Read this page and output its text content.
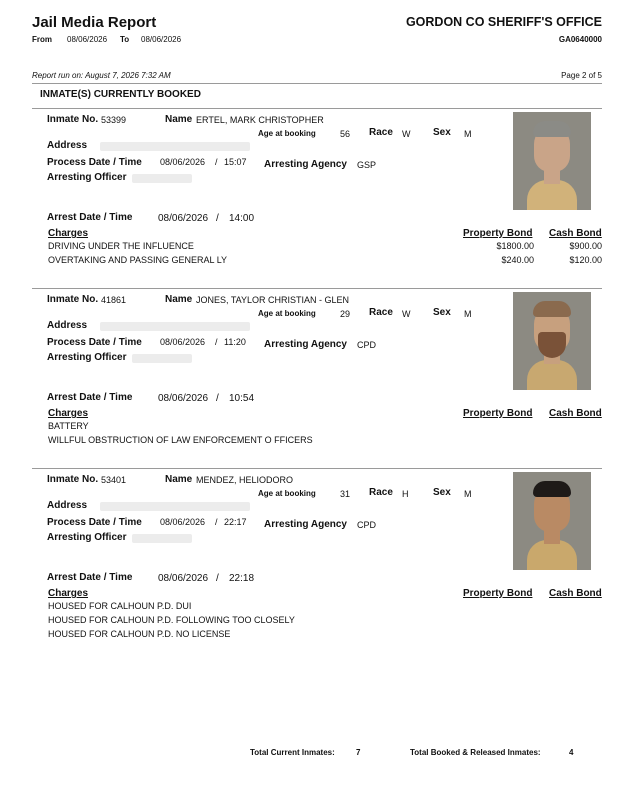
Jail Media Report
From 08/06/2026 To 08/06/2026
GORDON CO SHERIFF'S OFFICE
GA0640000
Report run on: August 7, 2026 7:32 AM	Page 2 of 5
INMATE(S) CURRENTLY BOOKED
Inmate No. 53399	Name ERTEL, MARK CHRISTOPHER
Age at booking	56 Race W Sex M
Address
Process Date / Time 08/06/2026 / 15:07 Arresting Agency GSP
Arresting Officer
Arrest Date / Time	08/06/2026 / 14:00
Charges	Property Bond Cash Bond
DRIVING UNDER THE INFLUENCE	$1800.00	$900.00
OVERTAKING AND PASSING GENERAL LY	$240.00	$120.00
Inmate No. 41861	Name JONES, TAYLOR CHRISTIAN - GLEN
Age at booking	29 Race W Sex M
Address
Process Date / Time 08/06/2026 / 11:20 Arresting Agency CPD
Arresting Officer
Arrest Date / Time	08/06/2026 / 10:54
Charges	Property Bond Cash Bond
BATTERY
WILLFUL OBSTRUCTION OF LAW ENFORCEMENT O FFICERS
Inmate No. 53401	Name MENDEZ, HELIODORO
Age at booking	31 Race H Sex M
Address
Process Date / Time 08/06/2026 / 22:17 Arresting Agency CPD
Arresting Officer
Arrest Date / Time	08/06/2026 / 22:18
Charges	Property Bond Cash Bond
HOUSED FOR CALHOUN P.D. DUI
HOUSED FOR CALHOUN P.D. FOLLOWING TOO CLOSELY
HOUSED FOR CALHOUN P.D. NO LICENSE
Total Current Inmates:	7	Total Booked & Released Inmates:	4
